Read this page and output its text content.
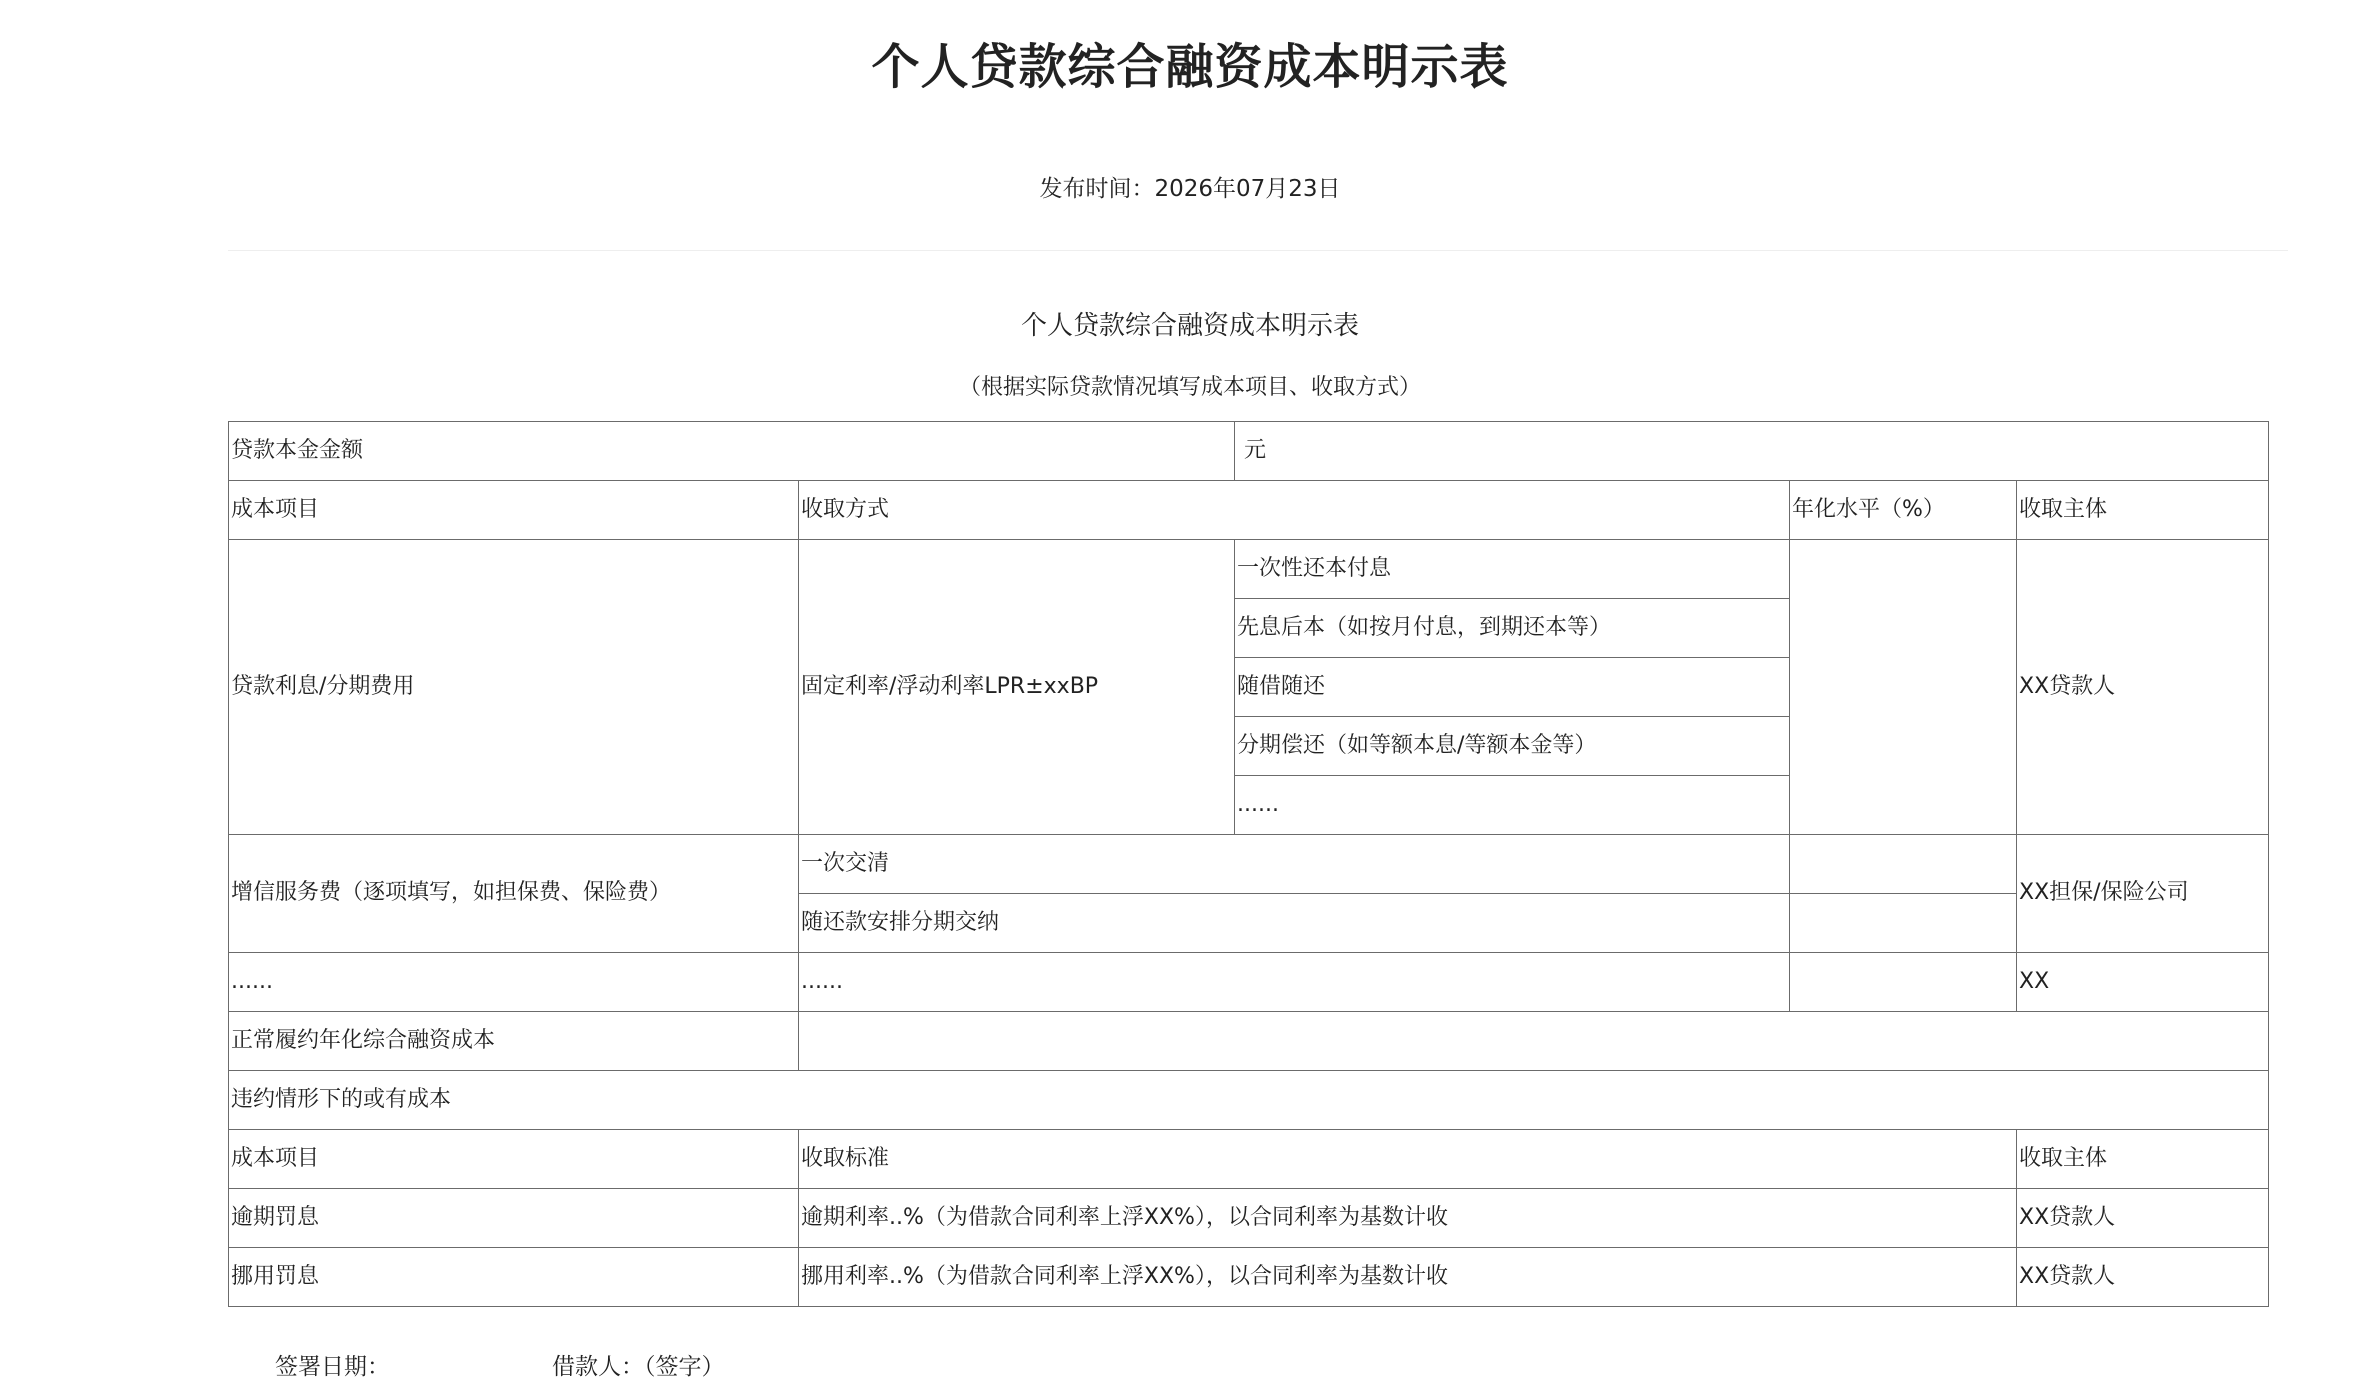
个人贷款综合融资成本明示表
发布时间：2026年07月23日
个人贷款综合融资成本明示表
（根据实际贷款情况填写成本项目、收取方式）
贷款本金金额		元		
成本项目	收取方式		年化水平（%）	收取主体
贷款利息/分期费用	固定利率/浮动利率LPR±xxBP	一次性还本付息		XX贷款人
		先息后本（如按月付息，到期还本等）		
		随借随还		
		分期偿还（如等额本息/等额本金等）		
		......		
增信服务费（逐项填写，如担保费、保险费）	一次交清			XX担保/保险公司
	随还款安排分期交纳			
......	......			XX
正常履约年化综合融资成本				
违约情形下的或有成本				
成本项目	收取标准			收取主体
逾期罚息	逾期利率..%（为借款合同利率上浮XX%），以合同利率为基数计收			XX贷款人
挪用罚息	挪用利率..%（为借款合同利率上浮XX%），以合同利率为基数计收			XX贷款人
签署日期：	借款人：（签字）
